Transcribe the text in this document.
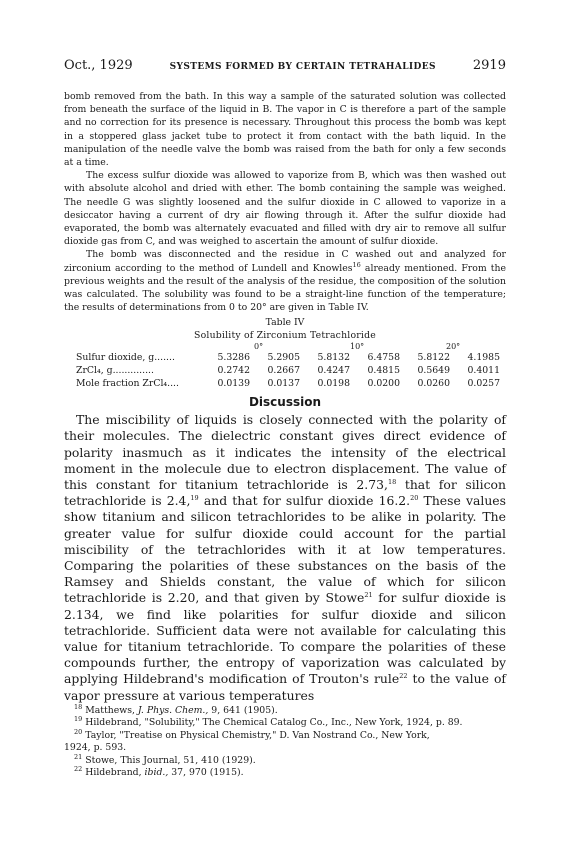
Oct., 1929	SYSTEMS FORMED BY CERTAIN TETRAHALIDES	2919

bomb removed from the bath. In this way a sample of the saturated solution was collected from beneath the surface of the liquid in B. The vapor in C is therefore a part of the sample and no correction for its presence is necessary. Throughout this process the bomb was kept in a stoppered glass jacket tube to protect it from contact with the bath liquid. In the manipulation of the needle valve the bomb was raised from the bath for only a few seconds at a time.

The excess sulfur dioxide was allowed to vaporize from B, which was then washed out with absolute alcohol and dried with ether. The bomb containing the sample was weighed. The needle G was slightly loosened and the sulfur dioxide in C allowed to vaporize in a desiccator having a current of dry air flowing through it. After the sulfur dioxide had evaporated, the bomb was alternately evacuated and filled with dry air to remove all sulfur dioxide gas from C, and was weighed to ascertain the amount of sulfur dioxide.

The bomb was disconnected and the residue in C washed out and analyzed for zirconium according to the method of Lundell and Knowles$^{16}$ already mentioned. From the previous weights and the result of the analysis of the residue, the composition of the solution was calculated. The solubility was found to be a straight-line function of the temperature; the results of determinations from 0 to 20° are given in Table IV.

Table IV
Solubility of Zirconium Tetrachloride
0°	10°	20°
Sulfur dioxide, g.......	5.3286	5.2905	5.8132	6.4758	5.8122	4.1985
ZrCl₄, g..............	0.2742	0.2667	0.4247	0.4815	0.5649	0.4011
Mole fraction ZrCl₄....	0.0139	0.0137	0.0198	0.0200	0.0260	0.0257
Discussion

The miscibility of liquids is closely connected with the polarity of their molecules. The dielectric constant gives direct evidence of polarity inasmuch as it indicates the intensity of the electrical moment in the molecule due to electron displacement. The value of this constant for titanium tetrachloride is 2.73,18 that for silicon tetrachloride is 2.4,19 and that for sulfur dioxide 16.2.20 These values show titanium and silicon tetrachlorides to be alike in polarity. The greater value for sulfur dioxide could account for the partial miscibility of the tetrachlorides with it at low temperatures. Comparing the polarities of these substances on the basis of the Ramsey and Shields constant, the value of which for silicon tetrachloride is 2.20, and that given by Stowe$^{21}$ for sulfur dioxide is 2.134, we find like polarities for sulfur dioxide and silicon tetrachloride. Sufficient data were not available for calculating this value for titanium tetrachloride. To compare the polarities of these compounds further, the entropy of vaporization was calculated by applying Hildebrand's modification of Trouton's rule$^{22}$ to the value of vapor pressure at various temperatures

$^{18}$ Matthews, J. Phys. Chem., 9, 641 (1905).
$^{19}$ Hildebrand, "Solubility," The Chemical Catalog Co., Inc., New York, 1924, p. 89.
$^{20}$ Taylor, "Treatise on Physical Chemistry," D. Van Nostrand Co., New York,
1924, p. 593.
$^{21}$ Stowe, This Journal, 51, 410 (1929).
$^{22}$ Hildebrand, ibid., 37, 970 (1915).
